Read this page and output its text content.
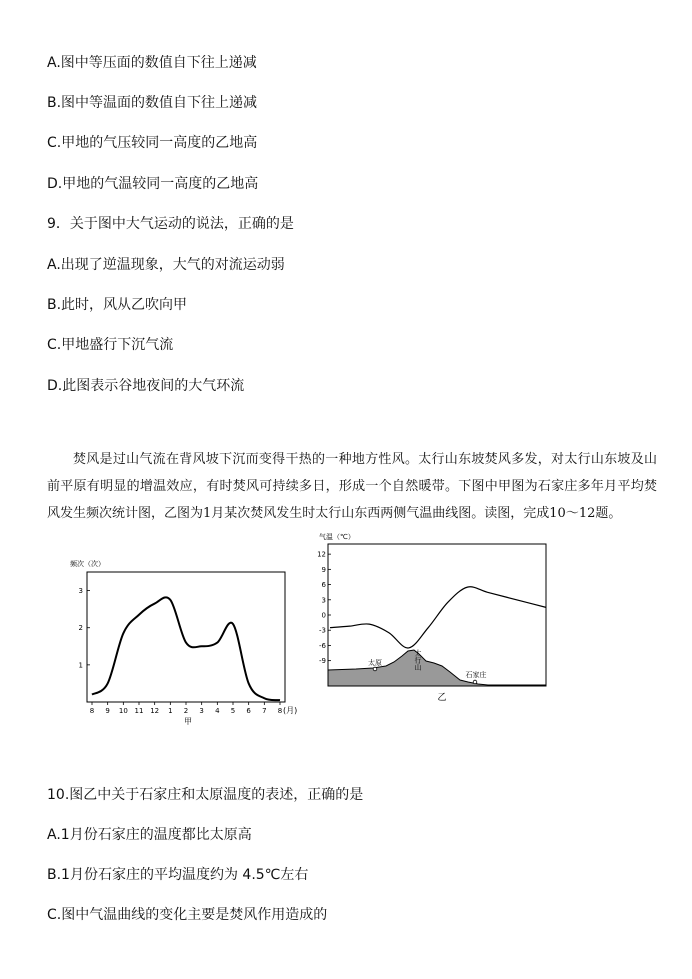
A.图中等压面的数值自下往上递减
B.图中等温面的数值自下往上递减
C.甲地的气压较同一高度的乙地高
D.甲地的气温较同一高度的乙地高
9．关于图中大气运动的说法，正确的是
A.出现了逆温现象，大气的对流运动弱
B.此时，风从乙吹向甲
C.甲地盛行下沉气流
D.此图表示谷地夜间的大气环流

焚风是过山气流在背风坡下沉而变得干热的一种地方性风。太行山东坡焚风多发，对太行山东坡及山前平原有明显的增温效应，有时焚风可持续多日，形成一个自然暖带。下图中甲图为石家庄多年月平均焚风发生频次统计图，乙图为1月某次焚风发生时太行山东西两侧气温曲线图。读图，完成10～12题。

频次（次）
1
2
3
8 9 10 11 12 1 2 3 4 5 6 7 8 (月)
甲
气温（℃）
12
9
6
3
0
-3
-6
-9	太原	太行山
石家庄
乙
10.图乙中关于石家庄和太原温度的表述，正确的是
A.1月份石家庄的温度都比太原高
B.1月份石家庄的平均温度约为 4.5℃左右
C.图中气温曲线的变化主要是焚风作用造成的
